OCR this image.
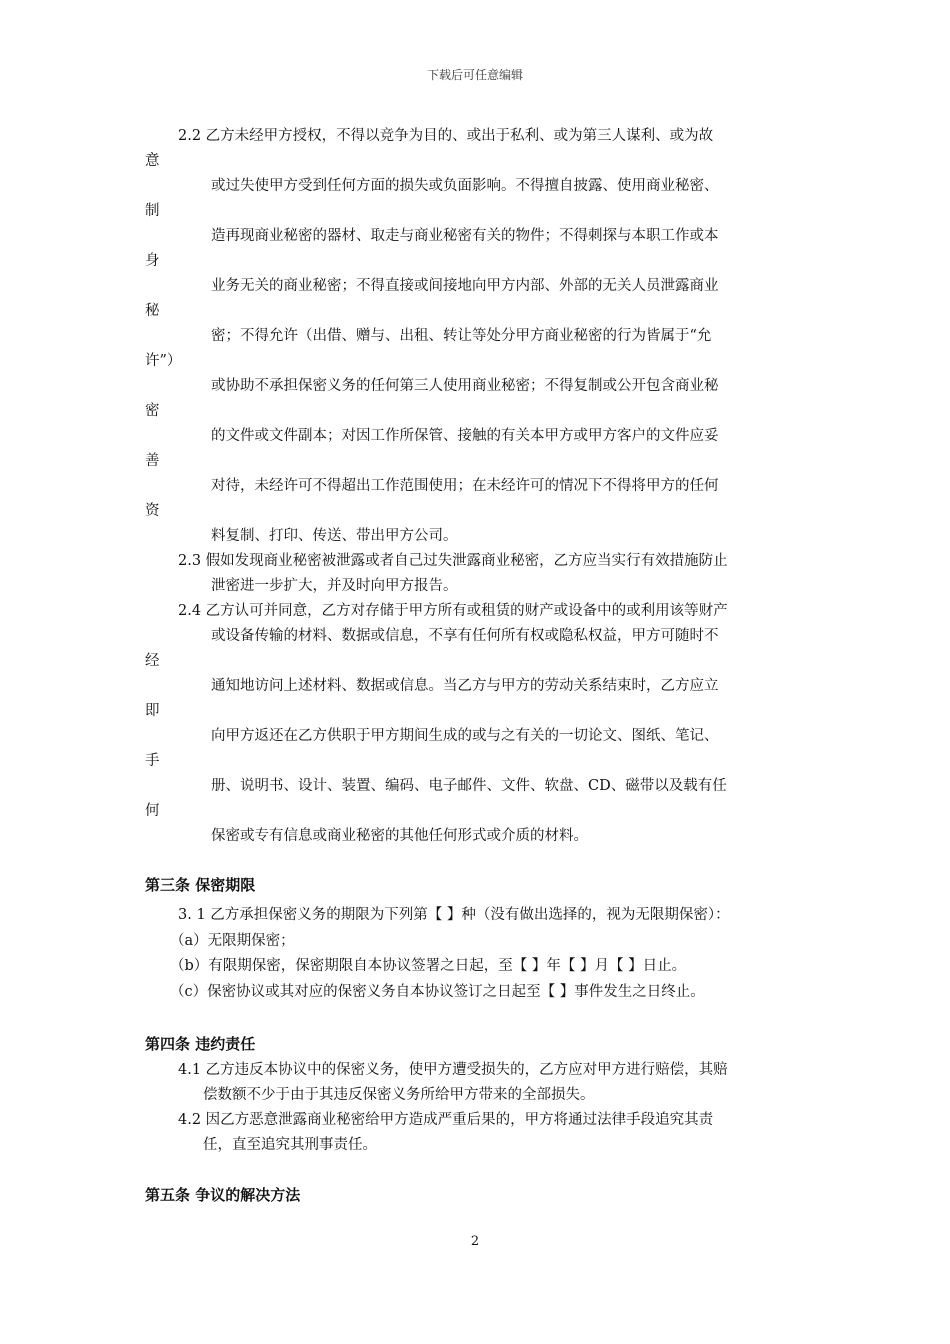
下载后可任意编辑

2.2 乙方未经甲方授权，不得以竞争为目的、或出于私利、或为第三人谋利、或为故

意

或过失使甲方受到任何方面的损失或负面影响。不得擅自披露、使用商业秘密、

制

造再现商业秘密的器材、取走与商业秘密有关的物件；不得刺探与本职工作或本

身

业务无关的商业秘密；不得直接或间接地向甲方内部、外部的无关人员泄露商业

秘

密；不得允许（出借、赠与、出租、转让等处分甲方商业秘密的行为皆属于“允

许”）

或协助不承担保密义务的任何第三人使用商业秘密；不得复制或公开包含商业秘

密

的文件或文件副本；对因工作所保管、接触的有关本甲方或甲方客户的文件应妥

善

对待，未经许可不得超出工作范围使用；在未经许可的情况下不得将甲方的任何

资

料复制、打印、传送、带出甲方公司。

2.3 假如发现商业秘密被泄露或者自己过失泄露商业秘密，乙方应当实行有效措施防止

泄密进一步扩大，并及时向甲方报告。

2.4 乙方认可并同意，乙方对存储于甲方所有或租赁的财产或设备中的或利用该等财产

或设备传输的材料、数据或信息，不享有任何所有权或隐私权益，甲方可随时不

经

通知地访问上述材料、数据或信息。当乙方与甲方的劳动关系结束时，乙方应立

即

向甲方返还在乙方供职于甲方期间生成的或与之有关的一切论文、图纸、笔记、

手

册、说明书、设计、装置、编码、电子邮件、文件、软盘、CD、磁带以及载有任

何

保密或专有信息或商业秘密的其他任何形式或介质的材料。

第三条 保密期限

3. 1 乙方承担保密义务的期限为下列第【 】种（没有做出选择的，视为无限期保密）：

（a）无限期保密；

（b）有限期保密，保密期限自本协议签署之日起，至【 】年【 】月【 】日止。

（c）保密协议或其对应的保密义务自本协议签订之日起至【 】事件发生之日终止。

第四条 违约责任

4.1 乙方违反本协议中的保密义务，使甲方遭受损失的，乙方应对甲方进行赔偿，其赔

偿数额不少于由于其违反保密义务所给甲方带来的全部损失。

4.2 因乙方恶意泄露商业秘密给甲方造成严重后果的，甲方将通过法律手段追究其责

任，直至追究其刑事责任。

第五条 争议的解决方法

2
